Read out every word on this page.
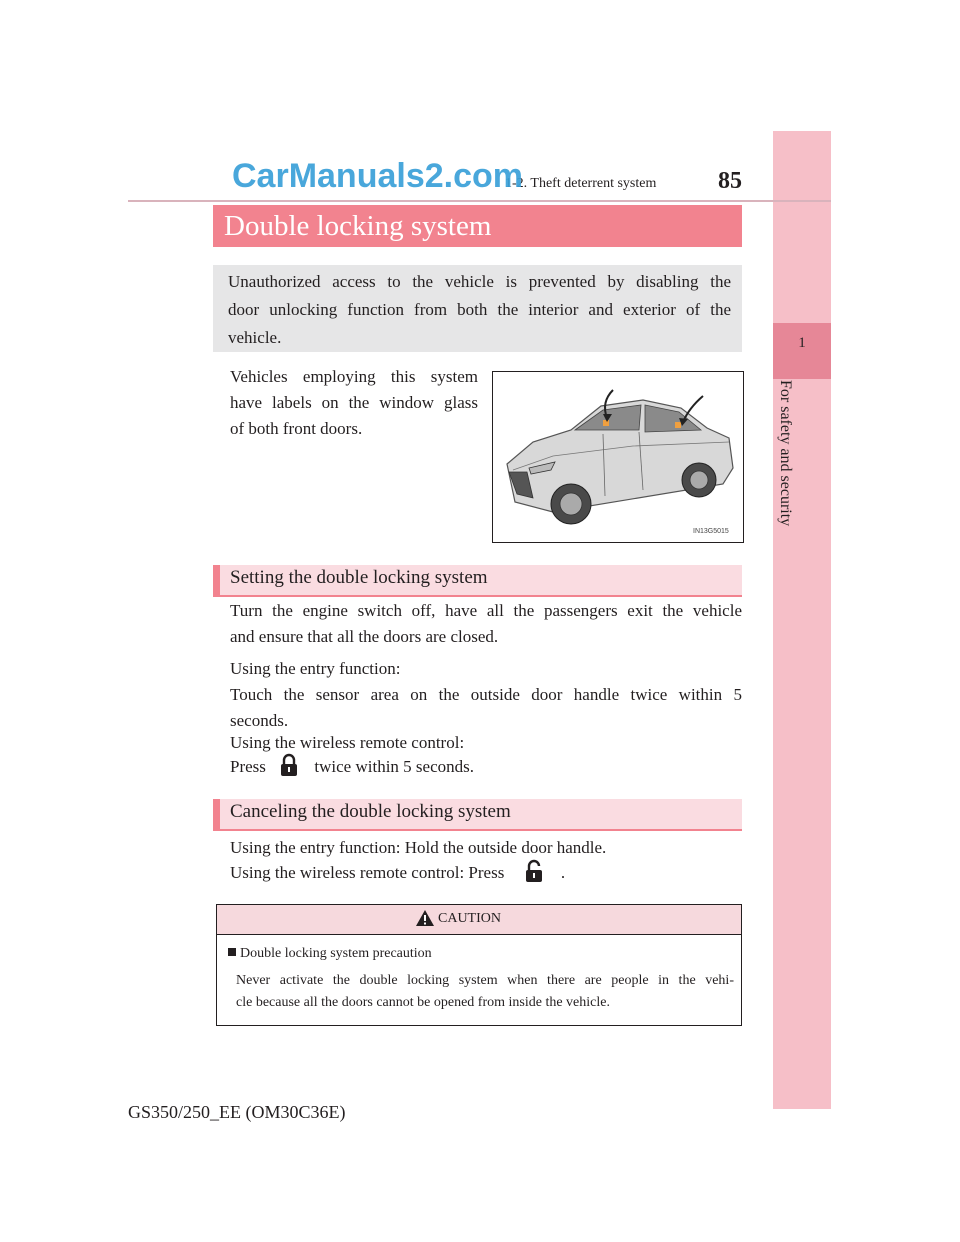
1
For safety and security
1-2. Theft deterrent system	85
CarManuals2.com
Double locking system
Unauthorized access to the vehicle is prevented by disabling the
door unlocking function from both the interior and exterior of the
vehicle.
Vehicles employing this system
have labels on the window glass
of both front doors.
IN13G5015
Setting the double locking system
Turn the engine switch off, have all the passengers exit the vehicle
and ensure that all the doors are closed.
Using the entry function:
Touch the sensor area on the outside door handle twice within 5
seconds.
Using the wireless remote control:
Press	twice within 5 seconds.
Canceling the double locking system
Using the entry function: Hold the outside door handle.
Using the wireless remote control: Press	.
CAUTION
Double locking system precaution
Never activate the double locking system when there are people in the vehi-
cle because all the doors cannot be opened from inside the vehicle.
GS350/250_EE (OM30C36E)
